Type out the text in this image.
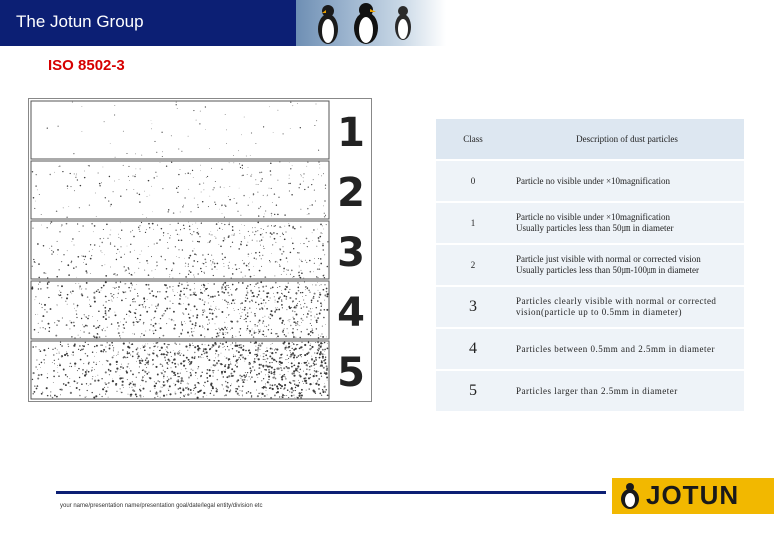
The Jotun Group
ISO 8502-3
1
2
3
4
5
Class	Description of dust particles
0	Particle no visible under ×10magnification
1	Particle no visible under ×10magnification
Usually particles less than 50㎛ in diameter
2	Particle just visible with normal or corrected vision
Usually particles less than 50㎛-100㎛ in diameter
3	Particles clearly visible with normal or corrected
vision(particle up to 0.5mm in diameter)
4	Particles between 0.5mm and 2.5mm in diameter
5	Particles larger than 2.5mm in diameter
your name/presentation name/presentation goal/date/legal entity/division etc	JOTUN
